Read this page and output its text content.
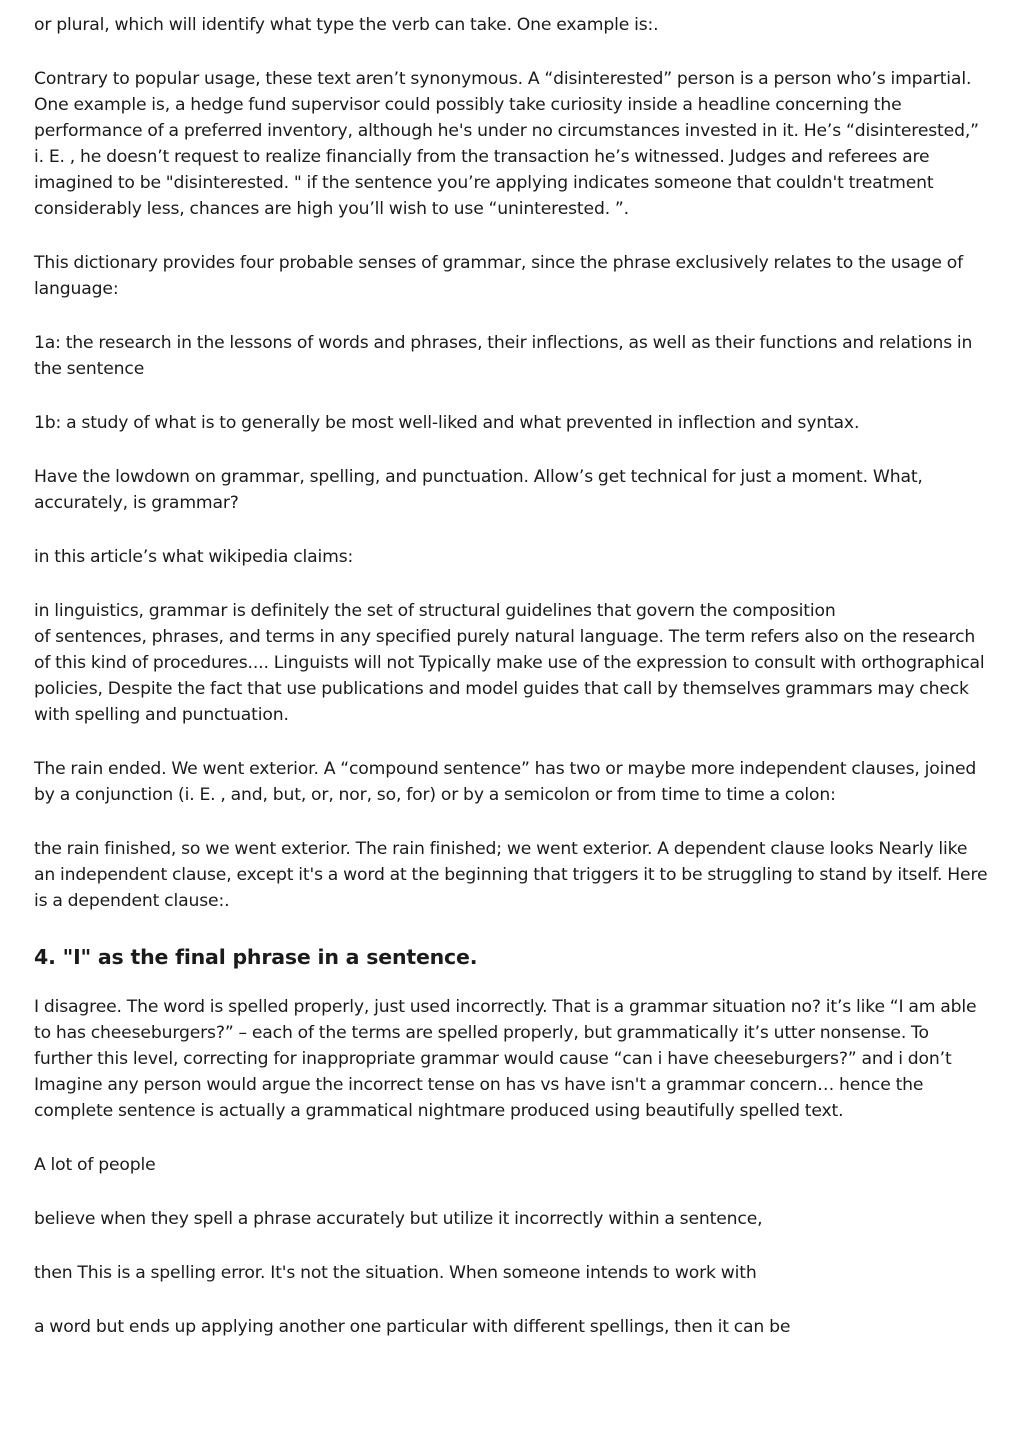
or plural, which will identify what type the verb can take. One example is:.

Contrary to popular usage, these text aren’t synonymous. A “disinterested” person is a person who’s impartial. One example is, a hedge fund supervisor could possibly take curiosity inside a headline concerning the performance of a preferred inventory, although he's under no circumstances invested in it. He’s “disinterested,” i. E. , he doesn’t request to realize financially from the transaction he’s witnessed. Judges and referees are imagined to be "disinterested. " if the sentence you’re applying indicates someone that couldn't treatment considerably less, chances are high you’ll wish to use “uninterested. ”.

This dictionary provides four probable senses of grammar, since the phrase exclusively relates to the usage of language:

1a: the research in the lessons of words and phrases, their inflections, as well as their functions and relations in the sentence

1b: a study of what is to generally be most well-liked and what prevented in inflection and syntax.

Have the lowdown on grammar, spelling, and punctuation. Allow’s get technical for just a moment. What, accurately, is grammar?

in this article’s what wikipedia claims:

in linguistics, grammar is definitely the set of structural guidelines that govern the composition
of sentences, phrases, and terms in any specified purely natural language. The term refers also on the research of this kind of procedures.... Linguists will not Typically make use of the expression to consult with orthographical policies, Despite the fact that use publications and model guides that call by themselves grammars may check with spelling and punctuation.

The rain ended. We went exterior. A “compound sentence” has two or maybe more independent clauses, joined by a conjunction (i. E. , and, but, or, nor, so, for) or by a semicolon or from time to time a colon:

the rain finished, so we went exterior. The rain finished; we went exterior. A dependent clause looks Nearly like an independent clause, except it's a word at the beginning that triggers it to be struggling to stand by itself. Here is a dependent clause:.

4. "I" as the final phrase in a sentence.

I disagree. The word is spelled properly, just used incorrectly. That is a grammar situation no? it’s like “I am able to has cheeseburgers?” – each of the terms are spelled properly, but grammatically it’s utter nonsense. To further this level, correcting for inappropriate grammar would cause “can i have cheeseburgers?” and i don’t Imagine any person would argue the incorrect tense on has vs have isn't a grammar concern… hence the complete sentence is actually a grammatical nightmare produced using beautifully spelled text.

A lot of people

believe when they spell a phrase accurately but utilize it incorrectly within a sentence,

then This is a spelling error. It's not the situation. When someone intends to work with

a word but ends up applying another one particular with different spellings, then it can be
